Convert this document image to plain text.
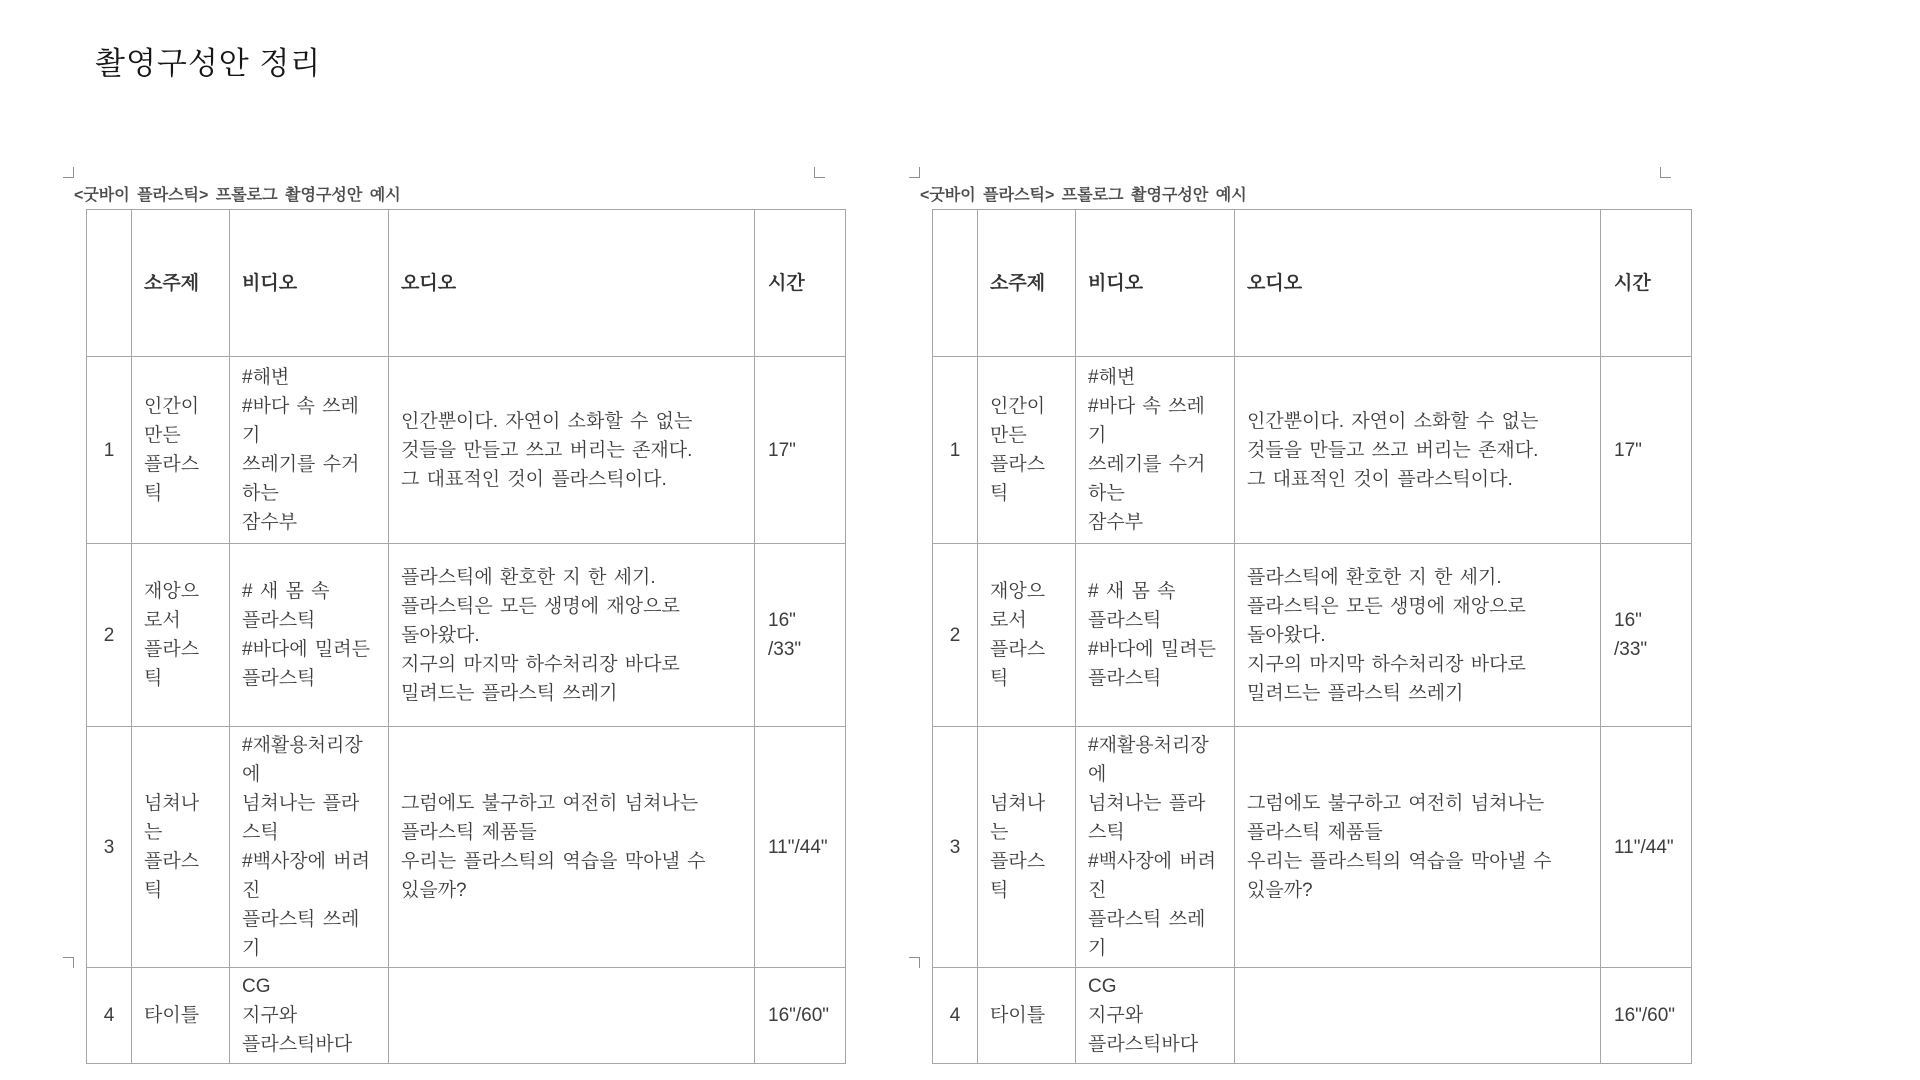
촬영구성안 정리
<굿바이 플라스틱> 프롤로그 촬영구성안 예시
	소주제	비디오	오디오	시간
1	인간이
만든
플라스틱	#해변
#바다 속 쓰레기
쓰레기를 수거하는
잠수부	인간뿐이다. 자연이 소화할 수 없는
것들을 만들고 쓰고 버리는 존재다.
그 대표적인 것이 플라스틱이다.	17"
2	재앙으로서
플라스틱	# 새 몸 속
플라스틱
#바다에 밀려든
플라스틱	플라스틱에 환호한 지 한 세기.
플라스틱은 모든 생명에 재앙으로
돌아왔다.
지구의 마지막 하수처리장 바다로
밀려드는 플라스틱 쓰레기	16"
/33"
3	넘쳐나는
플라스틱	#재활용처리장에
넘쳐나는 플라스틱
#백사장에 버려진
플라스틱 쓰레기	그럼에도 불구하고 여전히 넘쳐나는
플라스틱 제품들
우리는 플라스틱의 역습을 막아낼 수
있을까?	11"/44"
4	타이틀	CG
지구와
플라스틱바다		16"/60"
<굿바이 플라스틱> 프롤로그 촬영구성안 예시
	소주제	비디오	오디오	시간
1	인간이
만든
플라스틱	#해변
#바다 속 쓰레기
쓰레기를 수거하는
잠수부	인간뿐이다. 자연이 소화할 수 없는
것들을 만들고 쓰고 버리는 존재다.
그 대표적인 것이 플라스틱이다.	17"
2	재앙으로서
플라스틱	# 새 몸 속
플라스틱
#바다에 밀려든
플라스틱	플라스틱에 환호한 지 한 세기.
플라스틱은 모든 생명에 재앙으로
돌아왔다.
지구의 마지막 하수처리장 바다로
밀려드는 플라스틱 쓰레기	16"
/33"
3	넘쳐나는
플라스틱	#재활용처리장에
넘쳐나는 플라스틱
#백사장에 버려진
플라스틱 쓰레기	그럼에도 불구하고 여전히 넘쳐나는
플라스틱 제품들
우리는 플라스틱의 역습을 막아낼 수
있을까?	11"/44"
4	타이틀	CG
지구와
플라스틱바다		16"/60"
